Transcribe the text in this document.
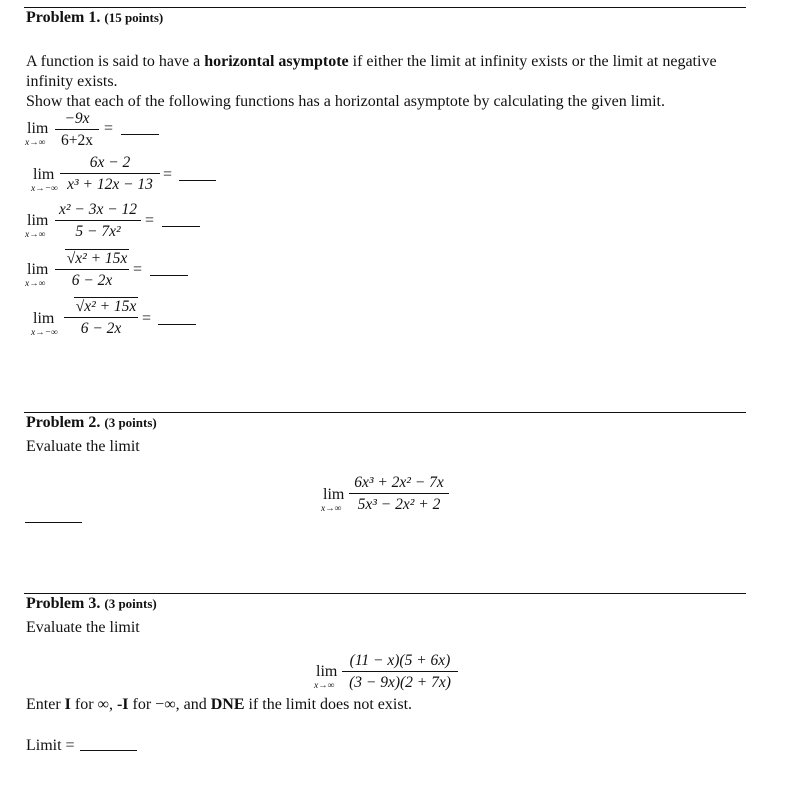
Problem 1. (15 points)
A function is said to have a horizontal asymptote if either the limit at infinity exists or the limit at negative
infinity exists.
Show that each of the following functions has a horizontal asymptote by calculating the given limit.
lim
x→∞
−9x
6+2x
=
lim
x→−∞
6x − 2
x³ + 12x − 13
=
lim
x→∞
x² − 3x − 12
5 − 7x²
=
lim
x→∞
√x² + 15x
6 − 2x
=
lim
x→−∞
√x² + 15x
6 − 2x
=
Problem 2. (3 points)
Evaluate the limit
lim
x→∞
6x³ + 2x² − 7x
5x³ − 2x² + 2
Problem 3. (3 points)
Evaluate the limit
lim
x→∞
(11 − x)(5 + 6x)
(3 − 9x)(2 + 7x)
Enter I for ∞, -I for −∞, and DNE if the limit does not exist.
Limit =
